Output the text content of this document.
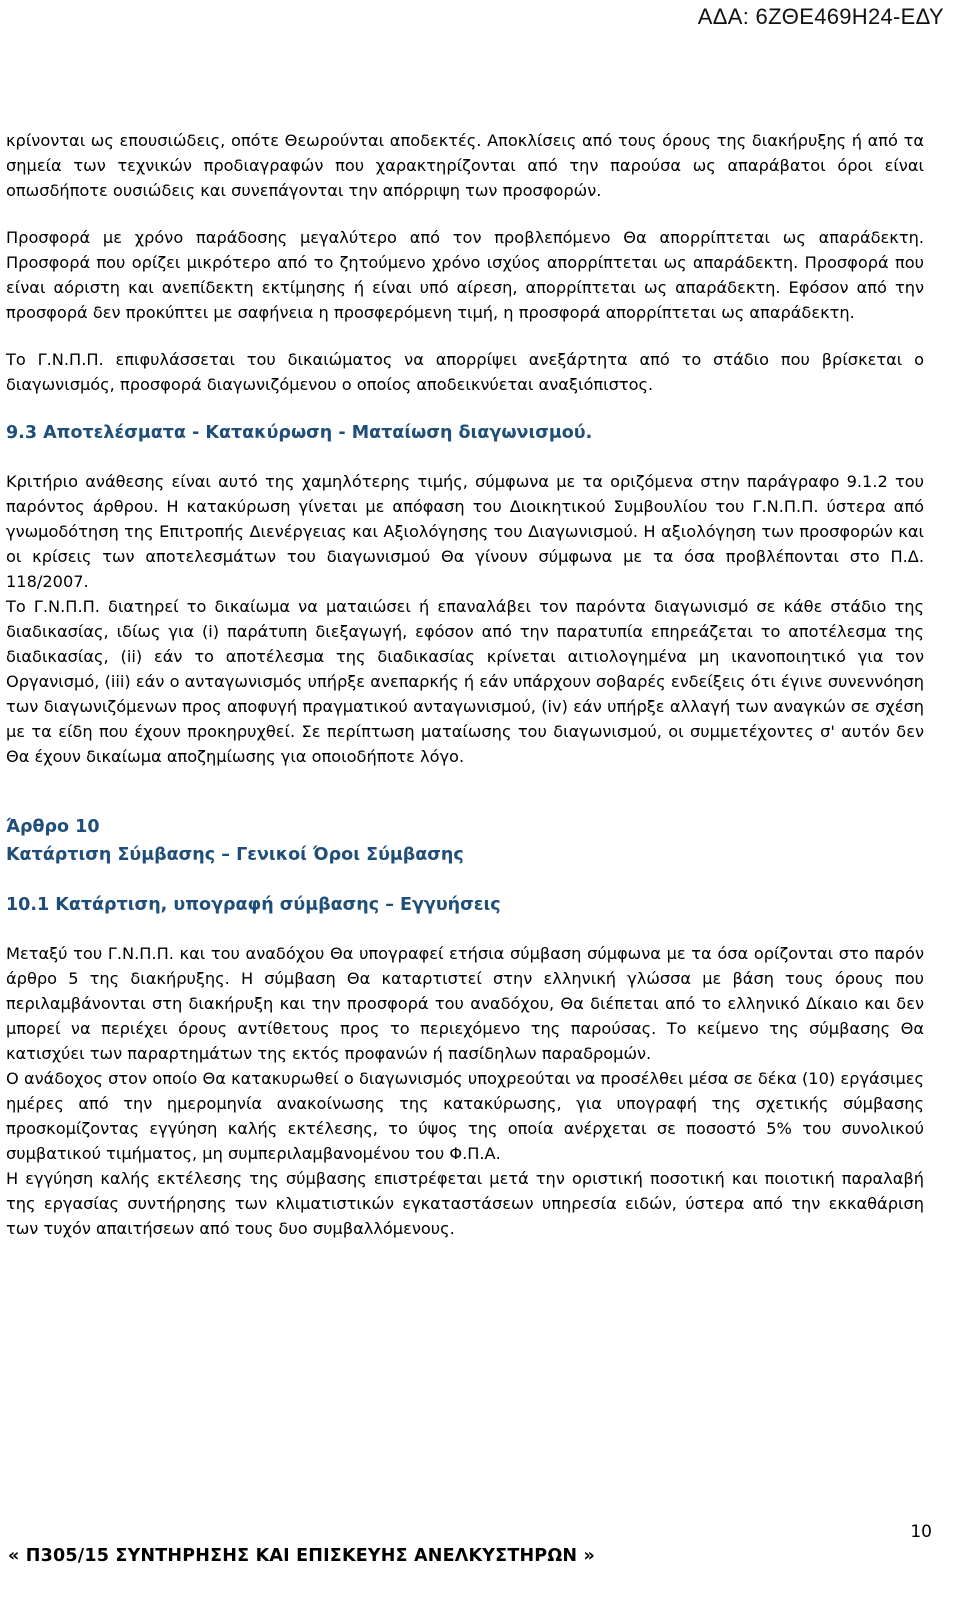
ΑΔΑ: 6ΖΘΕ469Η24-ΕΔΥ

κρίνονται ως επουσιώδεις, οπότε Θεωρούνται αποδεκτές. Αποκλίσεις από τους όρους της διακήρυξης ή από τα σημεία των τεχνικών προδιαγραφών που χαρακτηρίζονται από την παρούσα ως απαράβατοι όροι είναι οπωσδήποτε ουσιώδεις και συνεπάγονται την απόρριψη των προσφορών.

Προσφορά με χρόνο παράδοσης μεγαλύτερο από τον προβλεπόμενο Θα απορρίπτεται ως απαράδεκτη. Προσφορά που ορίζει μικρότερο από το ζητούμενο χρόνο ισχύος απορρίπτεται ως απαράδεκτη. Προσφορά που είναι αόριστη και ανεπίδεκτη εκτίμησης ή είναι υπό αίρεση, απορρίπτεται ως απαράδεκτη. Εφόσον από την προσφορά δεν προκύπτει με σαφήνεια η προσφερόμενη τιμή, η προσφορά απορρίπτεται ως απαράδεκτη.

Το Γ.Ν.Π.Π. επιφυλάσσεται του δικαιώματος να απορρίψει ανεξάρτητα από το στάδιο που βρίσκεται ο διαγωνισμός, προσφορά διαγωνιζόμενου ο οποίος αποδεικνύεται αναξιόπιστος.

9.3 Αποτελέσματα - Κατακύρωση - Ματαίωση διαγωνισμού.

Κριτήριο ανάθεσης είναι αυτό της χαμηλότερης τιμής, σύμφωνα με τα οριζόμενα στην παράγραφο 9.1.2 του παρόντος άρθρου. Η κατακύρωση γίνεται με απόφαση του Διοικητικού Συμβουλίου του Γ.Ν.Π.Π. ύστερα από γνωμοδότηση της Επιτροπής Διενέργειας και Αξιολόγησης του Διαγωνισμού. Η αξιολόγηση των προσφορών και οι κρίσεις των αποτελεσμάτων του διαγωνισμού Θα γίνουν σύμφωνα με τα όσα προβλέπονται στο Π.Δ. 118/2007.

Το Γ.Ν.Π.Π. διατηρεί το δικαίωμα να ματαιώσει ή επαναλάβει τον παρόντα διαγωνισμό σε κάθε στάδιο της διαδικασίας, ιδίως για (i) παράτυπη διεξαγωγή, εφόσον από την παρατυπία επηρεάζεται το αποτέλεσμα της διαδικασίας, (ii) εάν το αποτέλεσμα της διαδικασίας κρίνεται αιτιολογημένα μη ικανοποιητικό για τον Οργανισμό, (iii) εάν ο ανταγωνισμός υπήρξε ανεπαρκής ή εάν υπάρχουν σοβαρές ενδείξεις ότι έγινε συνεννόηση των διαγωνιζόμενων προς αποφυγή πραγματικού ανταγωνισμού, (iv) εάν υπήρξε αλλαγή των αναγκών σε σχέση με τα είδη που έχουν προκηρυχθεί. Σε περίπτωση ματαίωσης του διαγωνισμού, οι συμμετέχοντες σ' αυτόν δεν Θα έχουν δικαίωμα αποζημίωσης για οποιοδήποτε λόγο.

Άρθρο 10

Κατάρτιση Σύμβασης – Γενικοί Όροι Σύμβασης

10.1 Κατάρτιση, υπογραφή σύμβασης – Εγγυήσεις

Μεταξύ του Γ.Ν.Π.Π. και του αναδόχου Θα υπογραφεί ετήσια σύμβαση σύμφωνα με τα όσα ορίζονται στο παρόν άρθρο 5 της διακήρυξης. Η σύμβαση Θα καταρτιστεί στην ελληνική γλώσσα με βάση τους όρους που περιλαμβάνονται στη διακήρυξη και την προσφορά του αναδόχου, Θα διέπεται από το ελληνικό Δίκαιο και δεν μπορεί να περιέχει όρους αντίθετους προς το περιεχόμενο της παρούσας. Το κείμενο της σύμβασης Θα κατισχύει των παραρτημάτων της εκτός προφανών ή πασίδηλων παραδρομών.

Ο ανάδοχος στον οποίο Θα κατακυρωθεί ο διαγωνισμός υποχρεούται να προσέλθει μέσα σε δέκα (10) εργάσιμες ημέρες από την ημερομηνία ανακοίνωσης της κατακύρωσης, για υπογραφή της σχετικής σύμβασης προσκομίζοντας εγγύηση καλής εκτέλεσης, το ύψος της οποία ανέρχεται σε ποσοστό 5% του συνολικού συμβατικού τιμήματος, μη συμπεριλαμβανομένου του Φ.Π.Α.

Η εγγύηση καλής εκτέλεσης της σύμβασης επιστρέφεται μετά την οριστική ποσοτική και ποιοτική παραλαβή της εργασίας συντήρησης των κλιματιστικών εγκαταστάσεων υπηρεσία ειδών, ύστερα από την εκκαθάριση των τυχόν απαιτήσεων από τους δυο συμβαλλόμενους.

10
« Π305/15 ΣΥΝΤΗΡΗΣΗΣ ΚΑΙ ΕΠΙΣΚΕΥΗΣ ΑΝΕΛΚΥΣΤΗΡΩΝ »
